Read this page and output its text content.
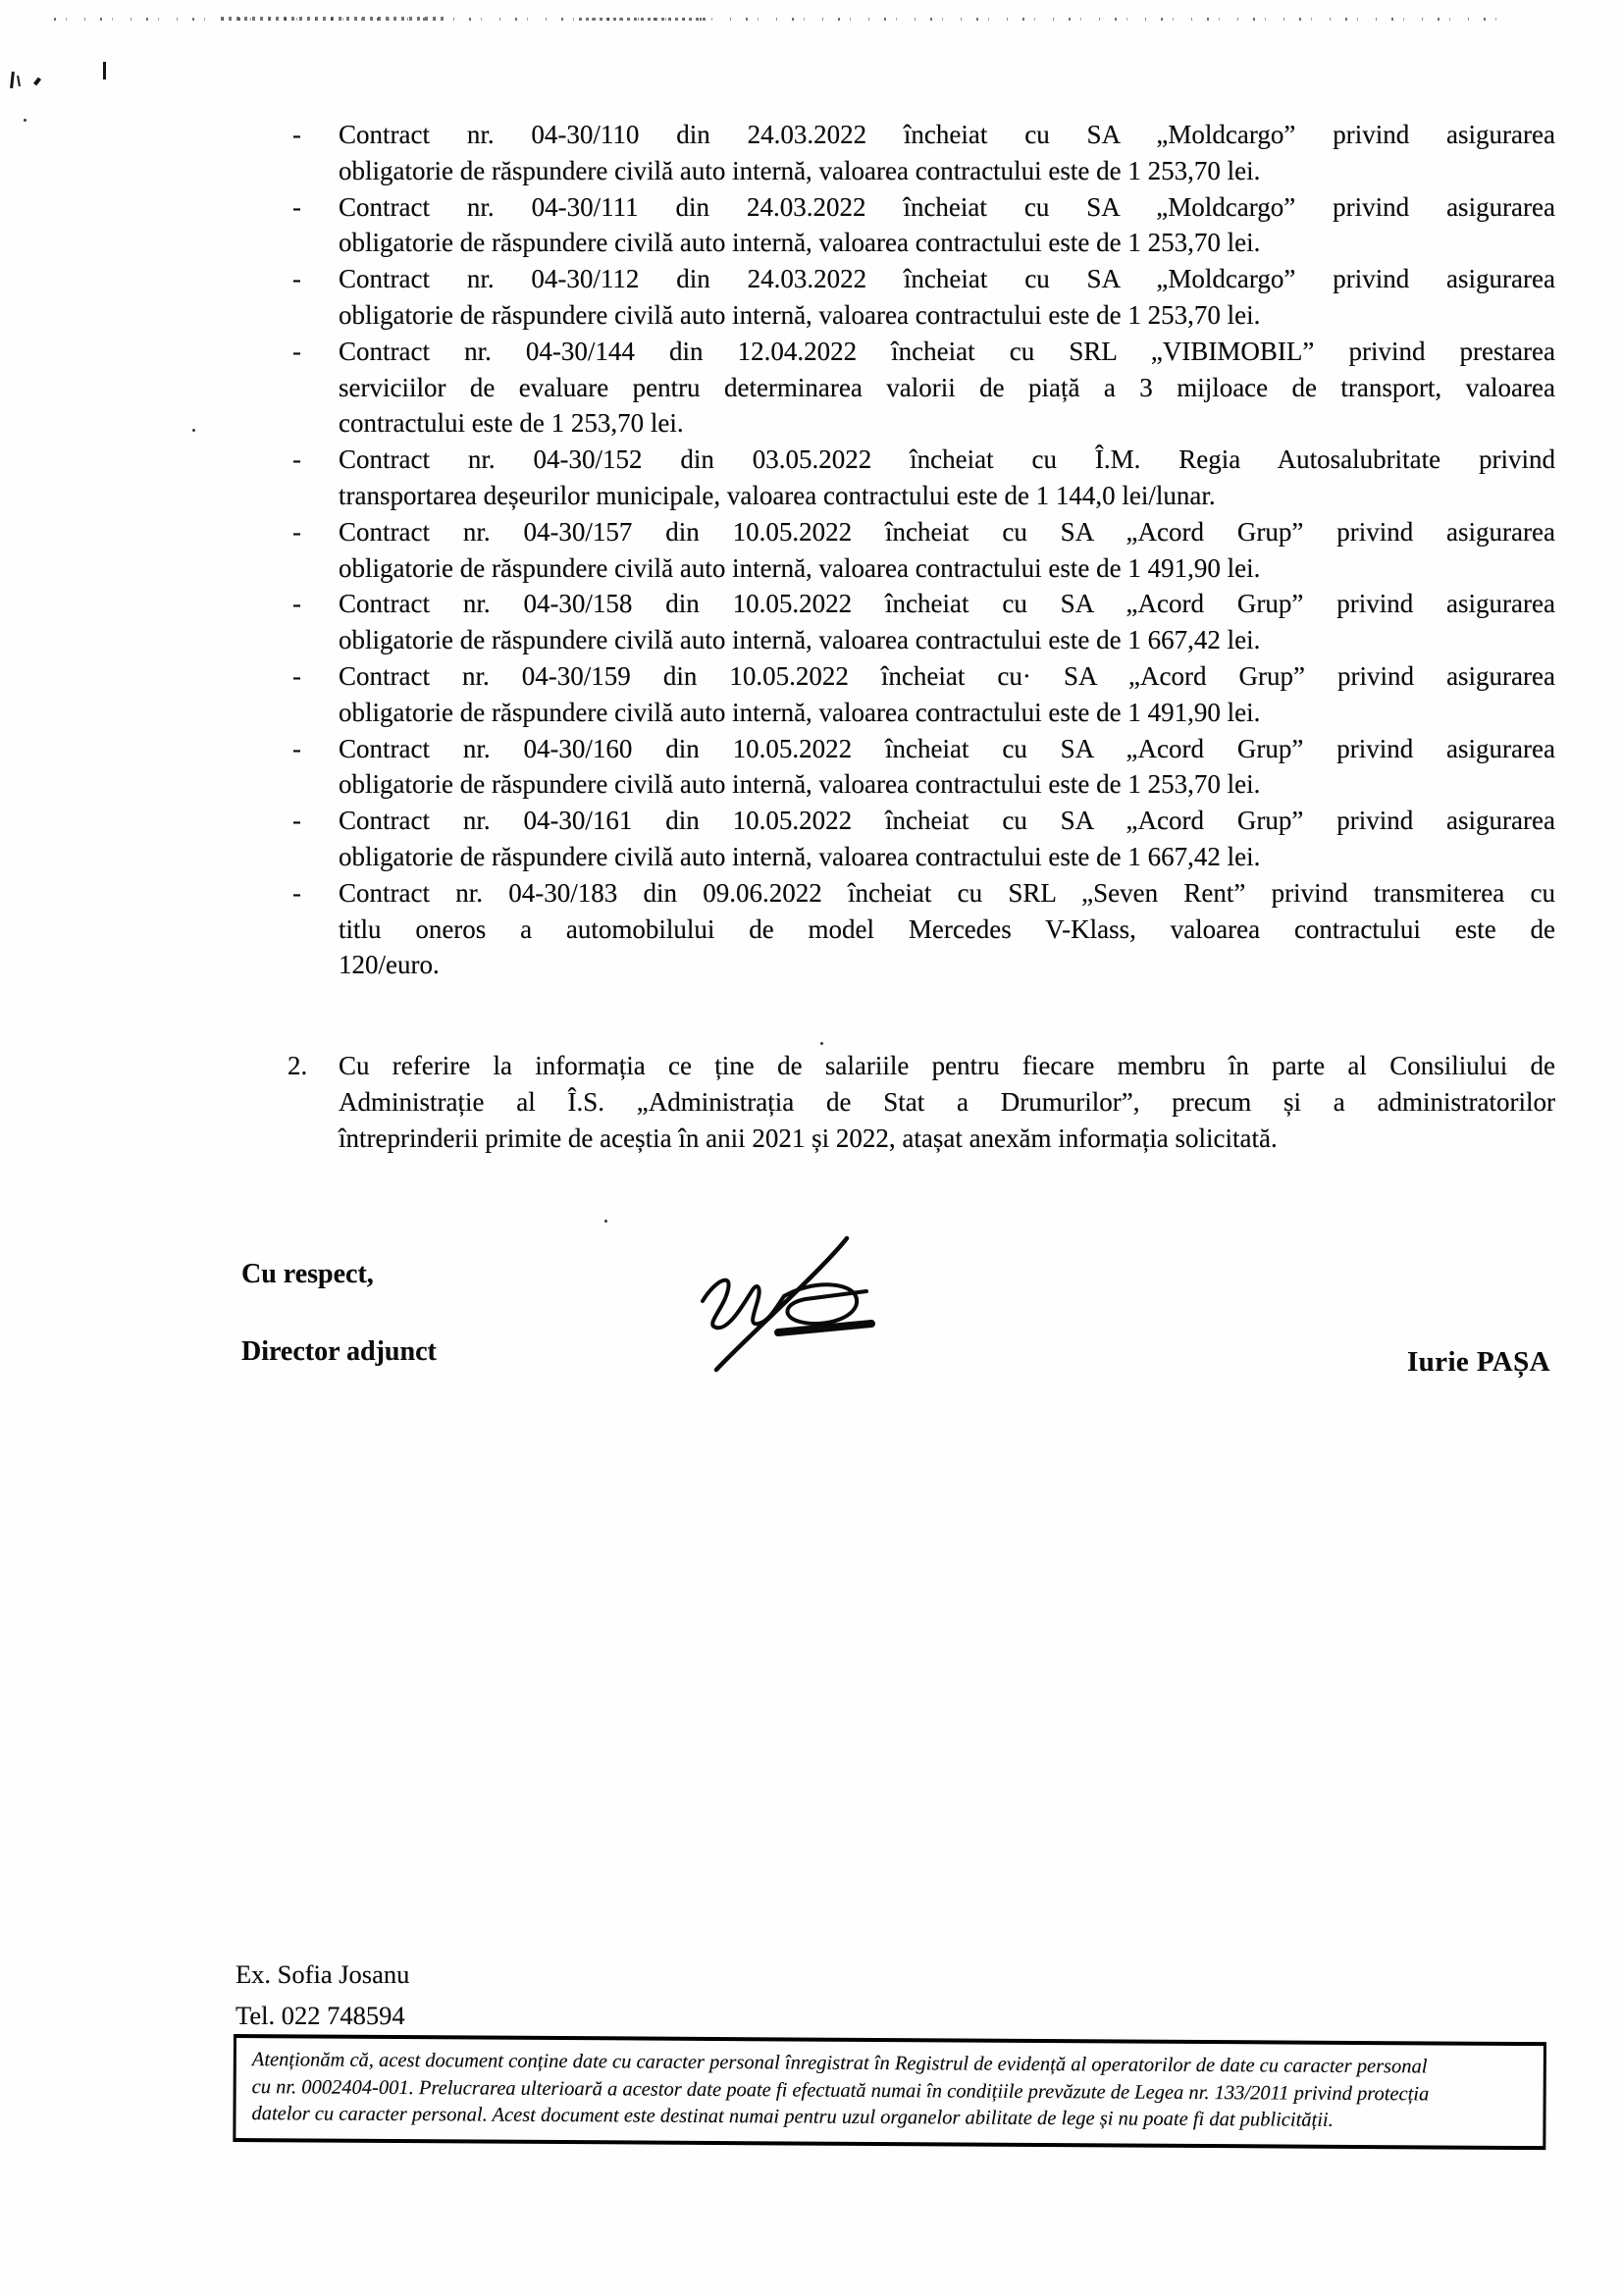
- Contract nr. 04-30/110 din 24.03.2022 încheiat cu SA „Moldcargo” privind asigurarea
obligatorie de răspundere civilă auto internă, valoarea contractului este de 1 253,70 lei.
- Contract nr. 04-30/111 din 24.03.2022 încheiat cu SA „Moldcargo” privind asigurarea
obligatorie de răspundere civilă auto internă, valoarea contractului este de 1 253,70 lei.
- Contract nr. 04-30/112 din 24.03.2022 încheiat cu SA „Moldcargo” privind asigurarea
obligatorie de răspundere civilă auto internă, valoarea contractului este de 1 253,70 lei.
- Contract nr. 04-30/144 din 12.04.2022 încheiat cu SRL „VIBIMOBIL” privind prestarea
serviciilor de evaluare pentru determinarea valorii de piață a 3 mijloace de transport, valoarea
contractului este de 1 253,70 lei.
- Contract nr. 04-30/152 din 03.05.2022 încheiat cu Î.M. Regia Autosalubritate privind
transportarea deșeurilor municipale, valoarea contractului este de 1 144,0 lei/lunar.
- Contract nr. 04-30/157 din 10.05.2022 încheiat cu SA „Acord Grup” privind asigurarea
obligatorie de răspundere civilă auto internă, valoarea contractului este de 1 491,90 lei.
- Contract nr. 04-30/158 din 10.05.2022 încheiat cu SA „Acord Grup” privind asigurarea
obligatorie de răspundere civilă auto internă, valoarea contractului este de 1 667,42 lei.
- Contract nr. 04-30/159 din 10.05.2022 încheiat cu· SA „Acord Grup” privind asigurarea
obligatorie de răspundere civilă auto internă, valoarea contractului este de 1 491,90 lei.
- Contract nr. 04-30/160 din 10.05.2022 încheiat cu SA „Acord Grup” privind asigurarea
obligatorie de răspundere civilă auto internă, valoarea contractului este de 1 253,70 lei.
- Contract nr. 04-30/161 din 10.05.2022 încheiat cu SA „Acord Grup” privind asigurarea
obligatorie de răspundere civilă auto internă, valoarea contractului este de 1 667,42 lei.
- Contract nr. 04-30/183 din 09.06.2022 încheiat cu SRL „Seven Rent” privind transmiterea cu
titlu oneros a automobilului de model Mercedes V-Klass, valoarea contractului este de
120/euro.
2. Cu referire la informația ce ține de salariile pentru fiecare membru în parte al Consiliului de
Administrație al Î.S. „Administrația de Stat a Drumurilor”, precum și a administratorilor
întreprinderii primite de aceștia în anii 2021 și 2022, atașat anexăm informația solicitată.
Cu respect,
Director adjunct	Iurie PAȘA
Ex. Sofia Josanu
Tel. 022 748594
Atenționăm că, acest document conține date cu caracter personal înregistrat în Registrul de evidență al operatorilor de date cu caracter personal
cu nr. 0002404-001. Prelucrarea ulterioară a acestor date poate fi efectuată numai în condițiile prevăzute de Legea nr. 133/2011 privind protecția
datelor cu caracter personal. Acest document este destinat numai pentru uzul organelor abilitate de lege și nu poate fi dat publicității.
